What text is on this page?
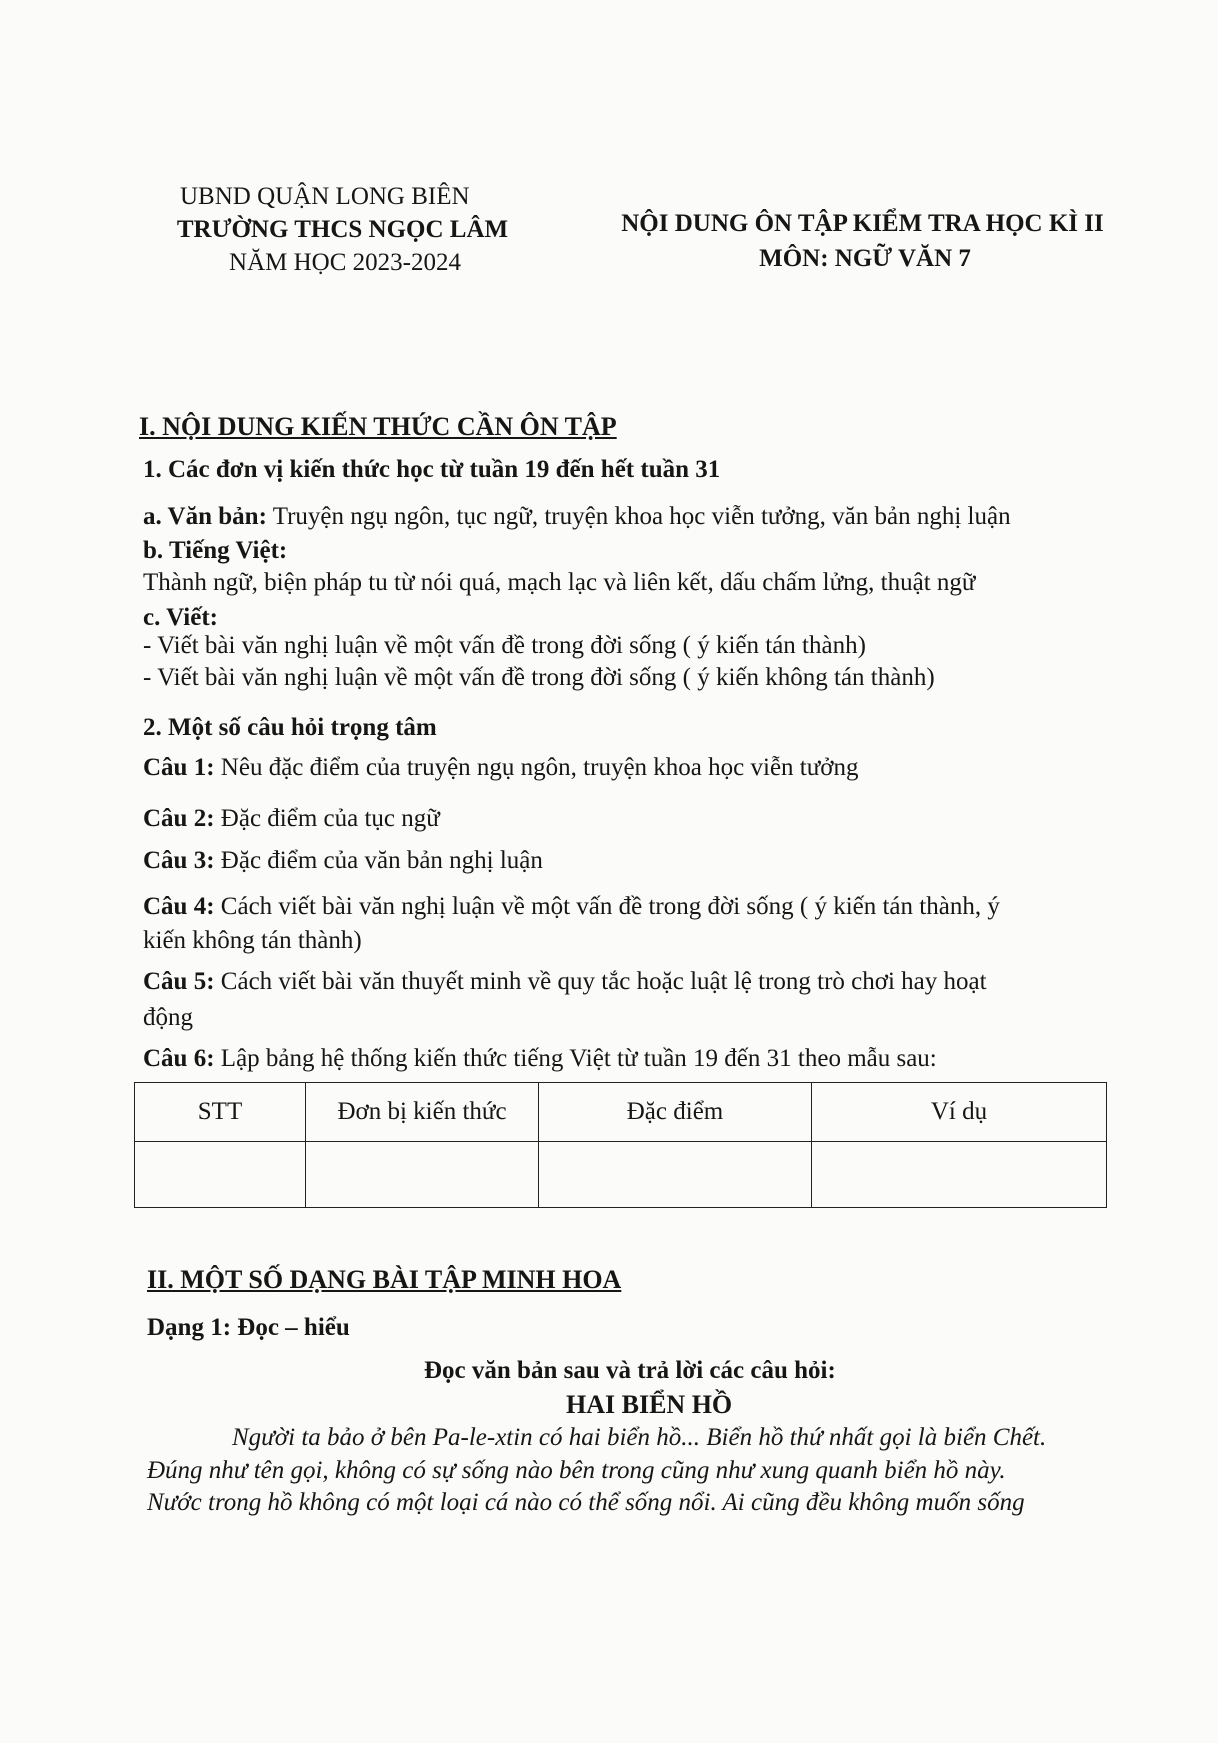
UBND QUẬN LONG BIÊN
TRƯỜNG THCS NGỌC LÂM
NĂM HỌC 2023-2024
NỘI DUNG ÔN TẬP KIỂM TRA HỌC KÌ II
MÔN: NGỮ VĂN 7
I. NỘI DUNG KIẾN THỨC CẦN ÔN TẬP
1. Các đơn vị kiến thức học từ tuần 19 đến hết tuần 31
a. Văn bản: Truyện ngụ ngôn, tục ngữ, truyện khoa học viễn tưởng, văn bản nghị luận
b. Tiếng Việt:
Thành ngữ, biện pháp tu từ nói quá, mạch lạc và liên kết, dấu chấm lửng, thuật ngữ
c. Viết:
- Viết bài văn nghị luận về một vấn đề trong đời sống ( ý kiến tán thành)
- Viết bài văn nghị luận về một vấn đề trong đời sống ( ý kiến không tán thành)
2. Một số câu hỏi trọng tâm
Câu 1: Nêu đặc điểm của truyện ngụ ngôn, truyện khoa học viễn tưởng
Câu 2: Đặc điểm của tục ngữ
Câu 3: Đặc điểm của văn bản nghị luận
Câu 4: Cách viết bài văn nghị luận về một vấn đề trong đời sống ( ý kiến tán thành, ý
kiến không tán thành)
Câu 5: Cách viết bài văn thuyết minh về quy tắc hoặc luật lệ trong trò chơi hay hoạt
động
Câu 6: Lập bảng hệ thống kiến thức tiếng Việt từ tuần 19 đến 31 theo mẫu sau:
STT	Đơn bị kiến thức	Đặc điểm	Ví dụ

II. MỘT SỐ DẠNG BÀI TẬP MINH HOA
Dạng 1: Đọc – hiểu
Đọc văn bản sau và trả lời các câu hỏi:
HAI BIỂN HỒ
Người ta bảo ở bên Pa-le-xtin có hai biển hồ... Biển hồ thứ nhất gọi là biển Chết.
Đúng như tên gọi, không có sự sống nào bên trong cũng như xung quanh biển hồ này.
Nước trong hồ không có một loại cá nào có thể sống nổi. Ai cũng đều không muốn sống
